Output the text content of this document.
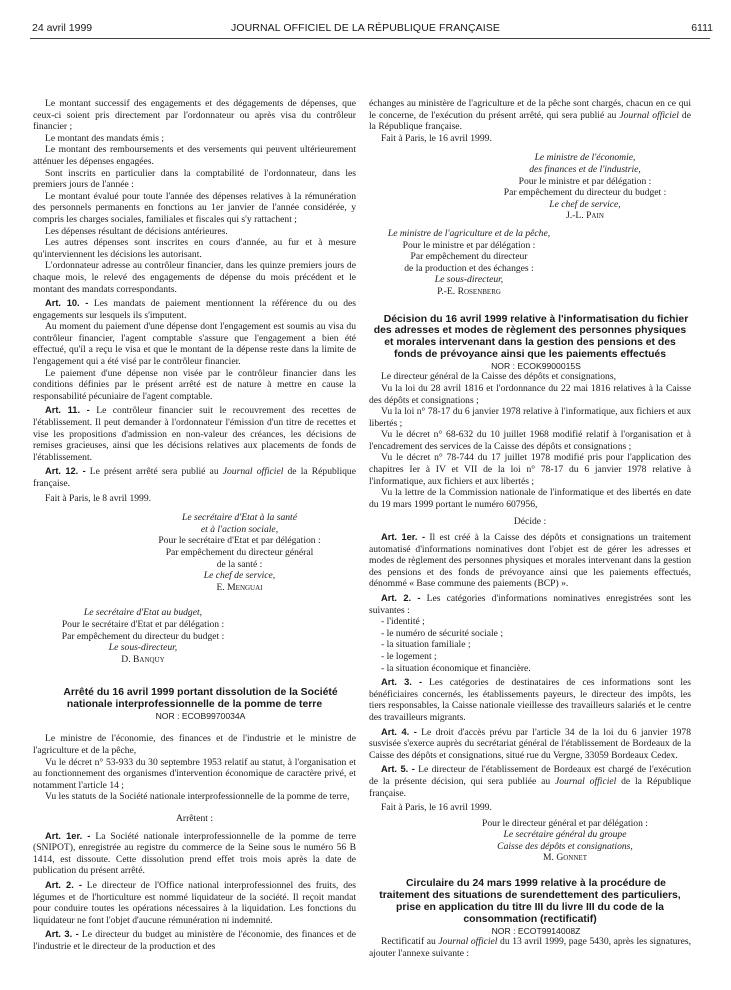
24 avril 1999	JOURNAL OFFICIEL DE LA RÉPUBLIQUE FRANÇAISE	6111

Le montant successif des engagements et des dégagements de dépenses, que ceux-ci soient pris directement par l'ordonnateur ou après visa du contrôleur financier ;

Le montant des mandats émis ;

Le montant des remboursements et des versements qui peuvent ultérieurement atténuer les dépenses engagées.

Sont inscrits en particulier dans la comptabilité de l'ordonnateur, dans les premiers jours de l'année :

Le montant évalué pour toute l'année des dépenses relatives à la rémunération des personnels permanents en fonctions au 1er janvier de l'année considérée, y compris les charges sociales, familiales et fiscales qui s'y rattachent ;

Les dépenses résultant de décisions antérieures.

Les autres dépenses sont inscrites en cours d'année, au fur et à mesure qu'interviennent les décisions les autorisant.

L'ordonnateur adresse au contrôleur financier, dans les quinze premiers jours de chaque mois, le relevé des engagements de dépense du mois précédent et le montant des mandats correspondants.

Art. 10. - Les mandats de paiement mentionnent la référence du ou des engagements sur lesquels ils s'imputent.

Au moment du paiement d'une dépense dont l'engagement est soumis au visa du contrôleur financier, l'agent comptable s'assure que l'engagement a bien été effectué, qu'il a reçu le visa et que le montant de la dépense reste dans la limite de l'engagement qui a été visé par le contrôleur financier.

Le paiement d'une dépense non visée par le contrôleur financier dans les conditions définies par le présent arrêté est de nature à mettre en cause la responsabilité pécuniaire de l'agent comptable.

Art. 11. - Le contrôleur financier suit le recouvrement des recettes de l'établissement. Il peut demander à l'ordonnateur l'émission d'un titre de recettes et vise les propositions d'admission en non-valeur des créances, les décisions de remises gracieuses, ainsi que les décisions relatives aux placements de fonds de l'établissement.

Art. 12. - Le présent arrêté sera publié au Journal officiel de la République française.

Fait à Paris, le 8 avril 1999.

Le secrétaire d'Etat à la santé
et à l'action sociale,
Pour le secrétaire d'Etat et par délégation :
Par empêchement du directeur général
de la santé :
Le chef de service,
E. Menguai
Le secrétaire d'Etat au budget,
Pour le secrétaire d'Etat et par délégation :
Par empêchement du directeur du budget :
Le sous-directeur,
D. Banquy

Arrêté du 16 avril 1999 portant dissolution de la Société nationale interprofessionnelle de la pomme de terre

NOR : ECOB9970034A

Le ministre de l'économie, des finances et de l'industrie et le ministre de l'agriculture et de la pêche,

Vu le décret n° 53-933 du 30 septembre 1953 relatif au statut, à l'organisation et au fonctionnement des organismes d'intervention économique de caractère privé, et notamment l'article 14 ;

Vu les statuts de la Société nationale interprofessionnelle de la pomme de terre,

Arrêtent :

Art. 1er. - La Société nationale interprofessionnelle de la pomme de terre (SNIPOT), enregistrée au registre du commerce de la Seine sous le numéro 56 B 1414, est dissoute. Cette dissolution prend effet trois mois après la date de publication du présent arrêté.

Art. 2. - Le directeur de l'Office national interprofessionnel des fruits, des légumes et de l'horticulture est nommé liquidateur de la société. Il reçoit mandat pour conduire toutes les opérations nécessaires à la liquidation. Les fonctions du liquidateur ne font l'objet d'aucune rémunération ni indemnité.

Art. 3. - Le directeur du budget au ministère de l'économie, des finances et de l'industrie et le directeur de la production et des

échanges au ministère de l'agriculture et de la pêche sont chargés, chacun en ce qui le concerne, de l'exécution du présent arrêté, qui sera publié au Journal officiel de la République française.

Fait à Paris, le 16 avril 1999.

Le ministre de l'économie,
des finances et de l'industrie,
Pour le ministre et par délégation :
Par empêchement du directeur du budget :
Le chef de service,
J.-L. Pain
Le ministre de l'agriculture et de la pêche,
Pour le ministre et par délégation :
Par empêchement du directeur
de la production et des échanges :
Le sous-directeur,
P.-E. Rosenberg

Décision du 16 avril 1999 relative à l'informatisation du fichier des adresses et modes de règlement des personnes physiques et morales intervenant dans la gestion des pensions et des fonds de prévoyance ainsi que les paiements effectués

NOR : ECOK9900015S

Le directeur général de la Caisse des dépôts et consignations,

Vu la loi du 28 avril 1816 et l'ordonnance du 22 mai 1816 relatives à la Caisse des dépôts et consignations ;

Vu la loi n° 78-17 du 6 janvier 1978 relative à l'informatique, aux fichiers et aux libertés ;

Vu le décret n° 68-632 du 10 juillet 1968 modifié relatif à l'organisation et à l'encadrement des services de la Caisse des dépôts et consignations ;

Vu le décret n° 78-744 du 17 juillet 1978 modifié pris pour l'application des chapitres Ier à IV et VII de la loi n° 78-17 du 6 janvier 1978 relative à l'informatique, aux fichiers et aux libertés ;

Vu la lettre de la Commission nationale de l'informatique et des libertés en date du 19 mars 1999 portant le numéro 607956,

Décide :

Art. 1er. - Il est créé à la Caisse des dépôts et consignations un traitement automatisé d'informations nominatives dont l'objet est de gérer les adresses et modes de règlement des personnes physiques et morales intervenant dans la gestion des pensions et des fonds de prévoyance ainsi que les paiements effectués, dénommé « Base commune des paiements (BCP) ».

Art. 2. - Les catégories d'informations nominatives enregistrées sont les suivantes :

- l'identité ;
- le numéro de sécurité sociale ;
- la situation familiale ;
- le logement ;
- la situation économique et financière.

Art. 3. - Les catégories de destinataires de ces informations sont les bénéficiaires concernés, les établissements payeurs, le directeur des impôts, les tiers responsables, la Caisse nationale vieillesse des travailleurs salariés et le centre des travailleurs migrants.

Art. 4. - Le droit d'accès prévu par l'article 34 de la loi du 6 janvier 1978 susvisée s'exerce auprès du secrétariat général de l'établissement de Bordeaux de la Caisse des dépôts et consignations, situé rue du Vergne, 33059 Bordeaux Cedex.

Art. 5. - Le directeur de l'établissement de Bordeaux est chargé de l'exécution de la présente décision, qui sera publiée au Journal officiel de la République française.

Fait à Paris, le 16 avril 1999.

Pour le directeur général et par délégation :
Le secrétaire général du groupe
Caisse des dépôts et consignations,
M. Gonnet

Circulaire du 24 mars 1999 relative à la procédure de traitement des situations de surendettement des particuliers, prise en application du titre III du livre III du code de la consommation (rectificatif)

NOR : ECOT9914008Z

Rectificatif au Journal officiel du 13 avril 1999, page 5430, après les signatures, ajouter l'annexe suivante :
